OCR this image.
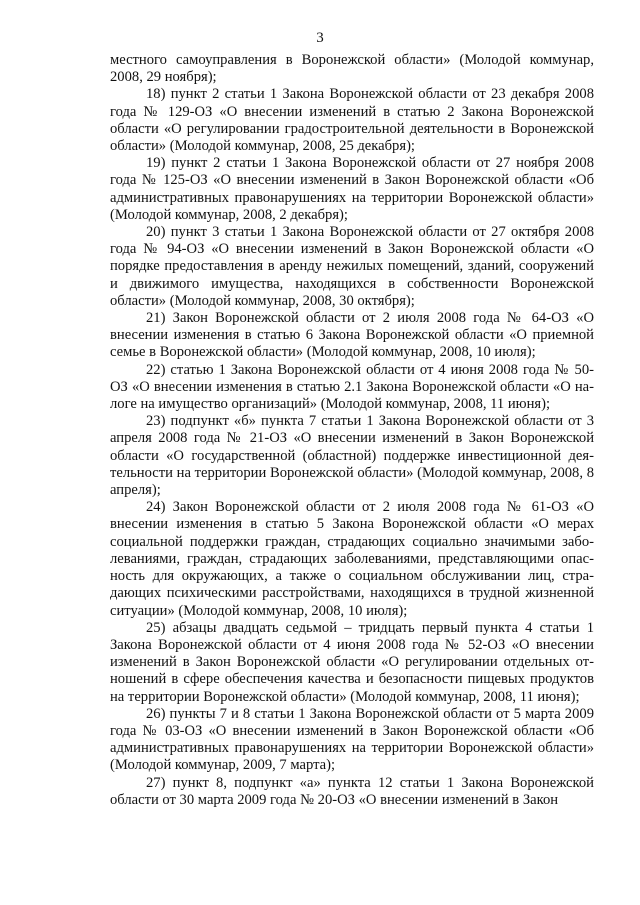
3

местного самоуправления в Воронежской области» (Молодой коммунар, 2008, 29 ноября);

18) пункт 2 статьи 1 Закона Воронежской области от 23 декабря 2008 года № 129-ОЗ «О внесении изменений в статью 2 Закона Воронежской области «О регулировании градостроительной деятельности в Воронежской области» (Молодой коммунар, 2008, 25 декабря);

19) пункт 2 статьи 1 Закона Воронежской области от 27 ноября 2008 года № 125-ОЗ «О внесении изменений в Закон Воронежской области «Об административных правонарушениях на территории Воронежской области» (Молодой коммунар, 2008, 2 декабря);

20) пункт 3 статьи 1 Закона Воронежской области от 27 октября 2008 года № 94-ОЗ «О внесении изменений в Закон Воронежской области «О порядке предоставления в аренду нежилых помещений, зданий, сооружений и движимого имущества, находящихся в собственности Воронежской области» (Молодой коммунар, 2008, 30 октября);

21) Закон Воронежской области от 2 июля 2008 года № 64-ОЗ «О внесении изменения в статью 6 Закона Воронежской области «О приемной семье в Воронежской области» (Молодой коммунар, 2008, 10 июля);

22) статью 1 Закона Воронежской области от 4 июня 2008 года № 50-ОЗ «О внесении изменения в статью 2.1 Закона Воронежской области «О налоге на имущество организаций» (Молодой коммунар, 2008, 11 июня);

23) подпункт «б» пункта 7 статьи 1 Закона Воронежской области от 3 апреля 2008 года № 21-ОЗ «О внесении изменений в Закон Воронежской области «О государственной (областной) поддержке инвестиционной деятельности на территории Воронежской области» (Молодой коммунар, 2008, 8 апреля);

24) Закон Воронежской области от 2 июля 2008 года № 61-ОЗ «О внесении изменения в статью 5 Закона Воронежской области «О мерах социальной поддержки граждан, страдающих социально значимыми заболеваниями, граждан, страдающих заболеваниями, представляющими опасность для окружающих, а также о социальном обслуживании лиц, страдающих психическими расстройствами, находящихся в трудной жизненной ситуации» (Молодой коммунар, 2008, 10 июля);

25) абзацы двадцать седьмой – тридцать первый пункта 4 статьи 1 Закона Воронежской области от 4 июня 2008 года № 52-ОЗ «О внесении изменений в Закон Воронежской области «О регулировании отдельных отношений в сфере обеспечения качества и безопасности пищевых продуктов на территории Воронежской области» (Молодой коммунар, 2008, 11 июня);

26) пункты 7 и 8 статьи 1 Закона Воронежской области от 5 марта 2009 года № 03-ОЗ «О внесении изменений в Закон Воронежской области «Об административных правонарушениях на территории Воронежской области» (Молодой коммунар, 2009, 7 марта);

27) пункт 8, подпункт «а» пункта 12 статьи 1 Закона Воронежской области от 30 марта 2009 года № 20-ОЗ «О внесении изменений в Закон
